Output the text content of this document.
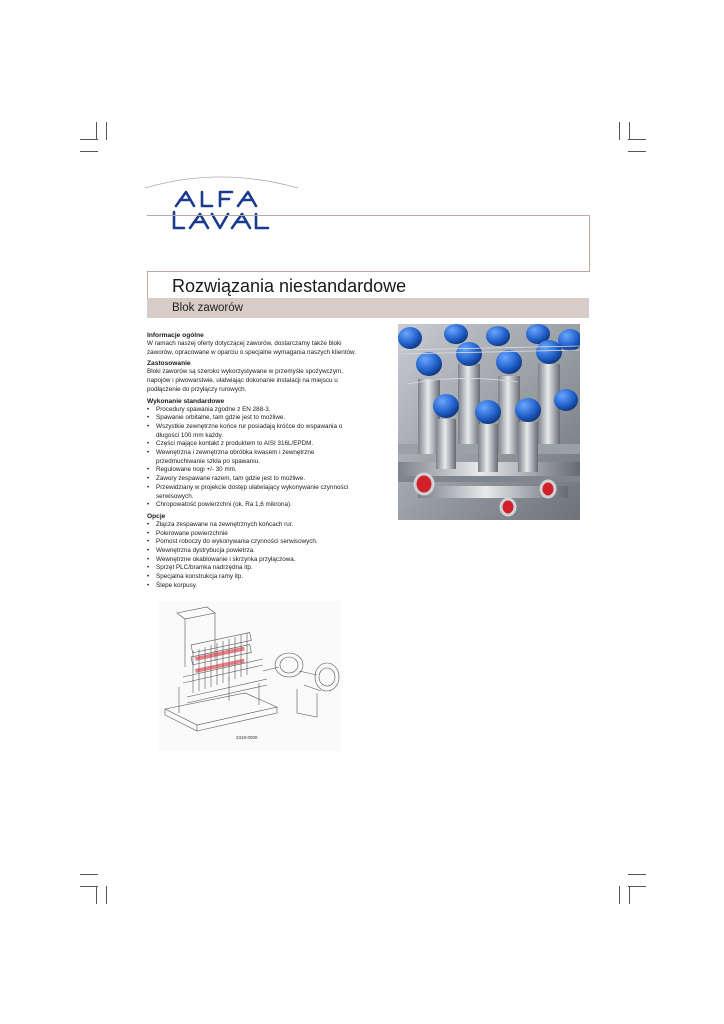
Rozwiązania niestandardowe
Blok zaworów
Informacje ogólne

W ramach naszej oferty dotyczącej zaworów, dostarczamy także bloki zaworów, opracowane w oparciu o specjalne wymagania naszych klientów.

Zastosowanie

Bloki zaworów są szeroko wykorzystywane w przemyśle spożywczym, napojów i piwowarstwie, ułatwiając dokonanie instalacji na miejscu u podłączenie do przyłączy rurowych.

Wykonanie standardowe
• Procedury spawania zgodne z EN 288-3.
• Spawanie orbitalne, tam gdzie jest to możliwe.
• Wszystkie zewnętrzne końce rur posiadają króćce do wspawania o długości 100 mm każdy.
• Części mające kontakt z produktem to AISI 316L/EPDM.
• Wewnętrzna i zewnętrzna obróbka kwasem i zewnętrzne przedmuchiwanie szkła po spawaniu.
• Regulowane nogi +/- 30 mm.
• Zawory zespawane razem, tam gdzie jest to możliwe.
• Przewidziany w projekcie dostęp ułatwiający wykonywanie czynności serwisowych.
• Chropowatość powierzchni (ok. Ra 1,6 mikrona).
Opcje
• Złącza zespawane na zewnętrznych końcach rur.
• Polerowane powierzchnie
• Pomost roboczy do wykonywania czynności serwisowych.
• Wewnętrzna dystrybucja powietrza.
• Wewnętrzne okablowanie i skrzynka przyłączowa.
• Sprzęt PLC/bramka nadrzędna itp.
• Specjalna konstrukcja ramy itp.
• Ślepe korpusy.
2318-0000
